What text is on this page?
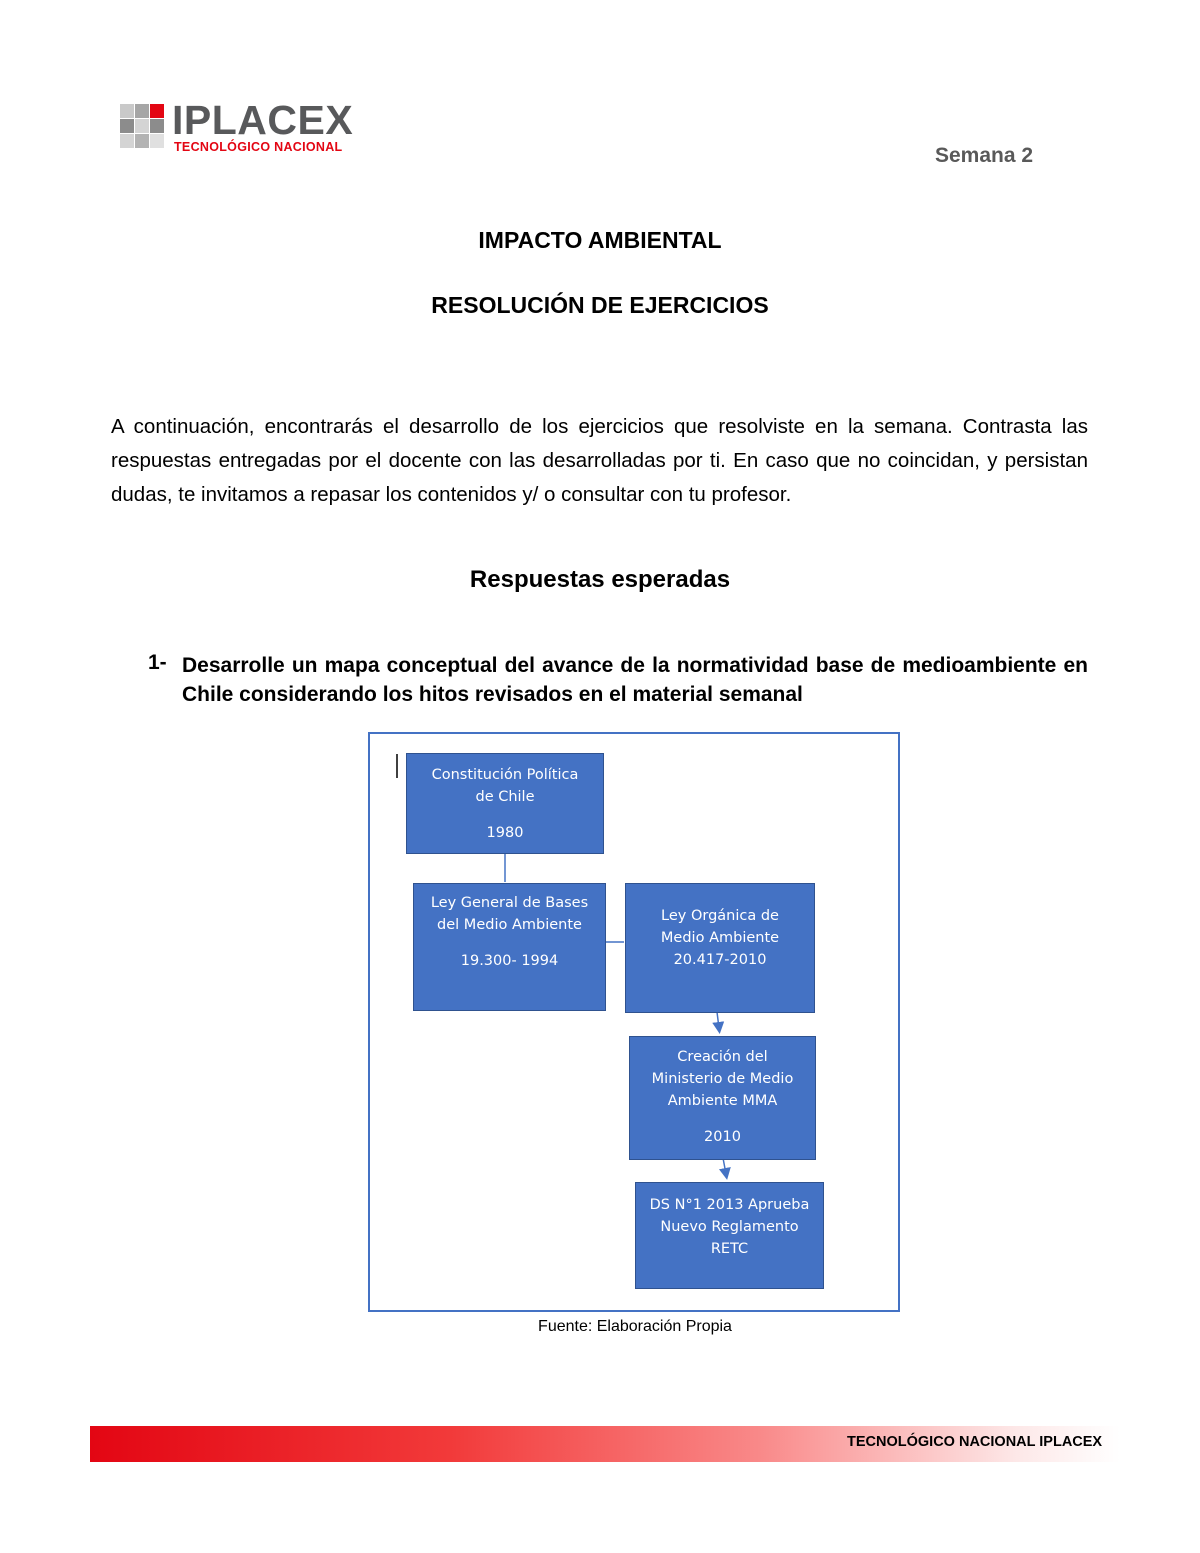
IPLACEX
TECNOLÓGICO NACIONAL	Semana 2
IMPACTO AMBIENTAL
RESOLUCIÓN DE EJERCICIOS
A continuación, encontrarás el desarrollo de los ejercicios que resolviste en la semana. Contrasta las respuestas entregadas por el docente con las desarrolladas por ti. En caso que no coincidan, y persistan dudas, te invitamos a repasar los contenidos y/ o consultar con tu profesor.
Respuestas esperadas
1- Desarrolle un mapa conceptual del avance de la normatividad base de medioambiente en Chile considerando los hitos revisados en el material semanal
Constitución Política
de Chile
1980
Ley General de Bases
del Medio Ambiente
19.300- 1994
Ley Orgánica de
Medio Ambiente
20.417-2010
Creación del
Ministerio de Medio
Ambiente MMA
2010
DS N°1 2013 Aprueba
Nuevo Reglamento
RETC
Fuente: Elaboración Propia
TECNOLÓGICO NACIONAL IPLACEX
